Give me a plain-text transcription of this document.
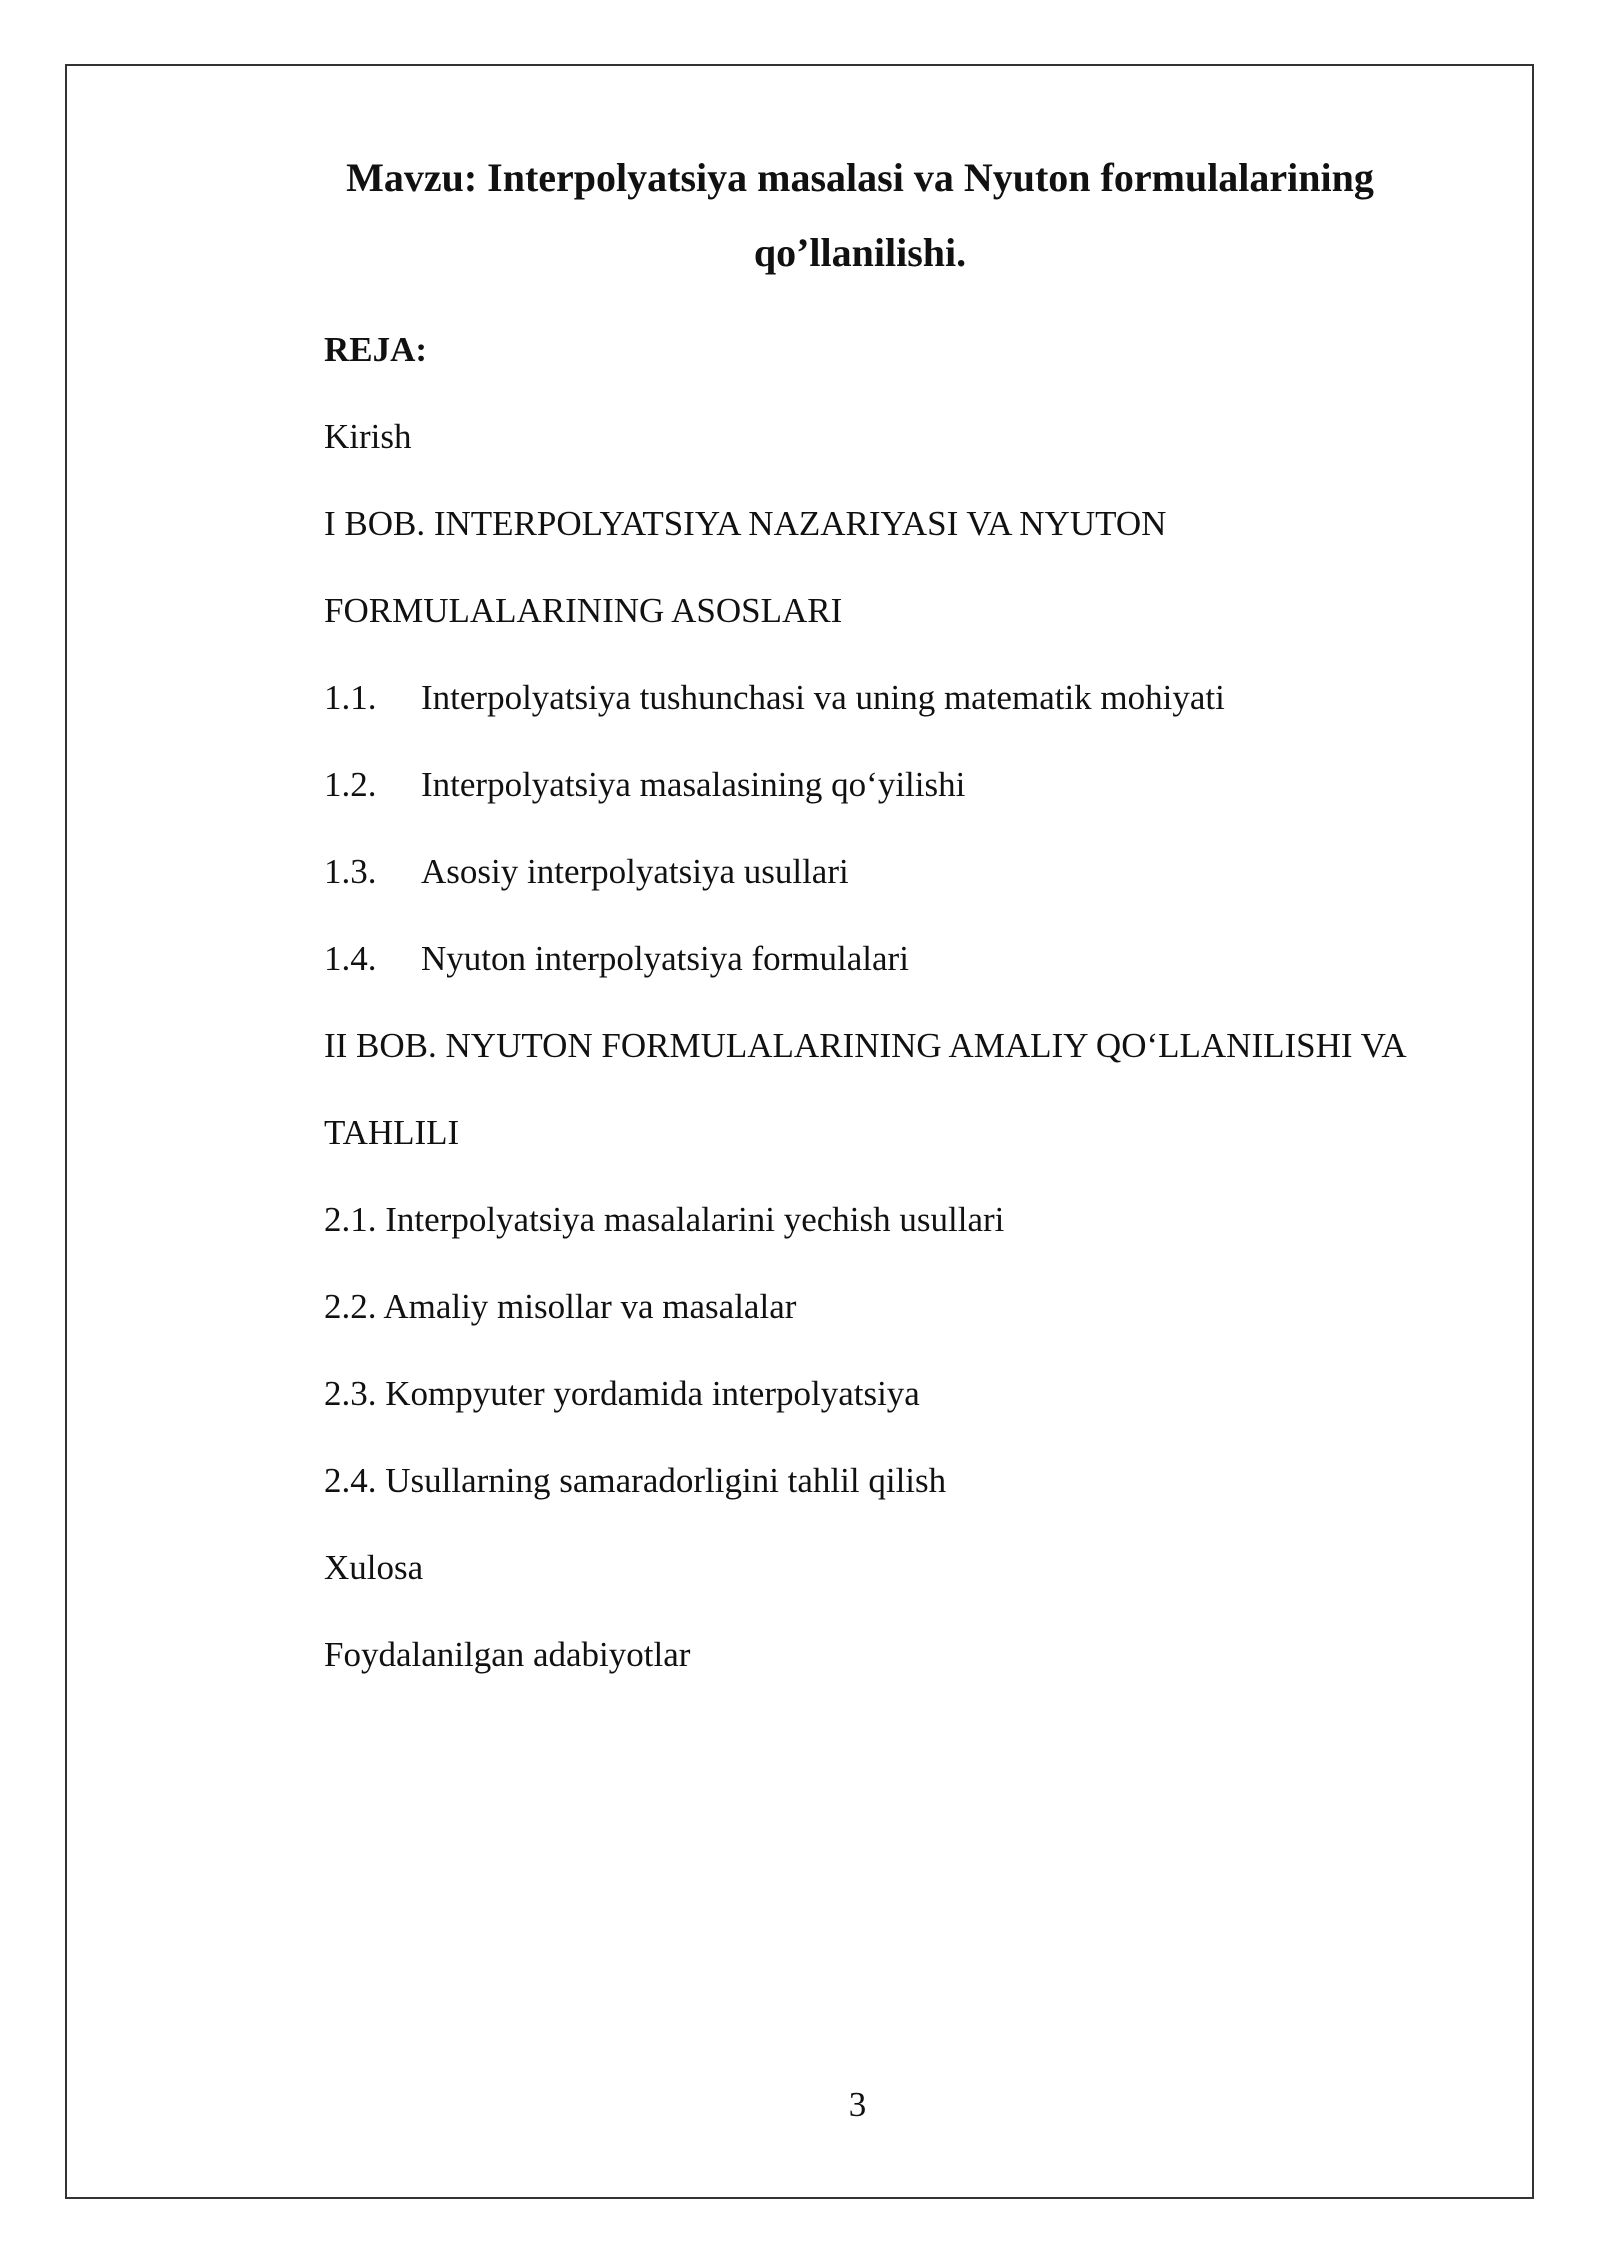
Mavzu: Interpolyatsiya masalasi va Nyuton formulalarining
qo’llanilishi.

REJA:

Kirish

I BOB. INTERPOLYATSIYA NAZARIYASI VA NYUTON

FORMULALARINING ASOSLARI

1.1. Interpolyatsiya tushunchasi va uning matematik mohiyati

1.2. Interpolyatsiya masalasining qo‘yilishi

1.3. Asosiy interpolyatsiya usullari

1.4. Nyuton interpolyatsiya formulalari

II BOB. NYUTON FORMULALARINING AMALIY QO‘LLANILISHI VA

TAHLILI

2.1. Interpolyatsiya masalalarini yechish usullari

2.2. Amaliy misollar va masalalar

2.3. Kompyuter yordamida interpolyatsiya

2.4. Usullarning samaradorligini tahlil qilish

Xulosa

Foydalanilgan adabiyotlar

3
